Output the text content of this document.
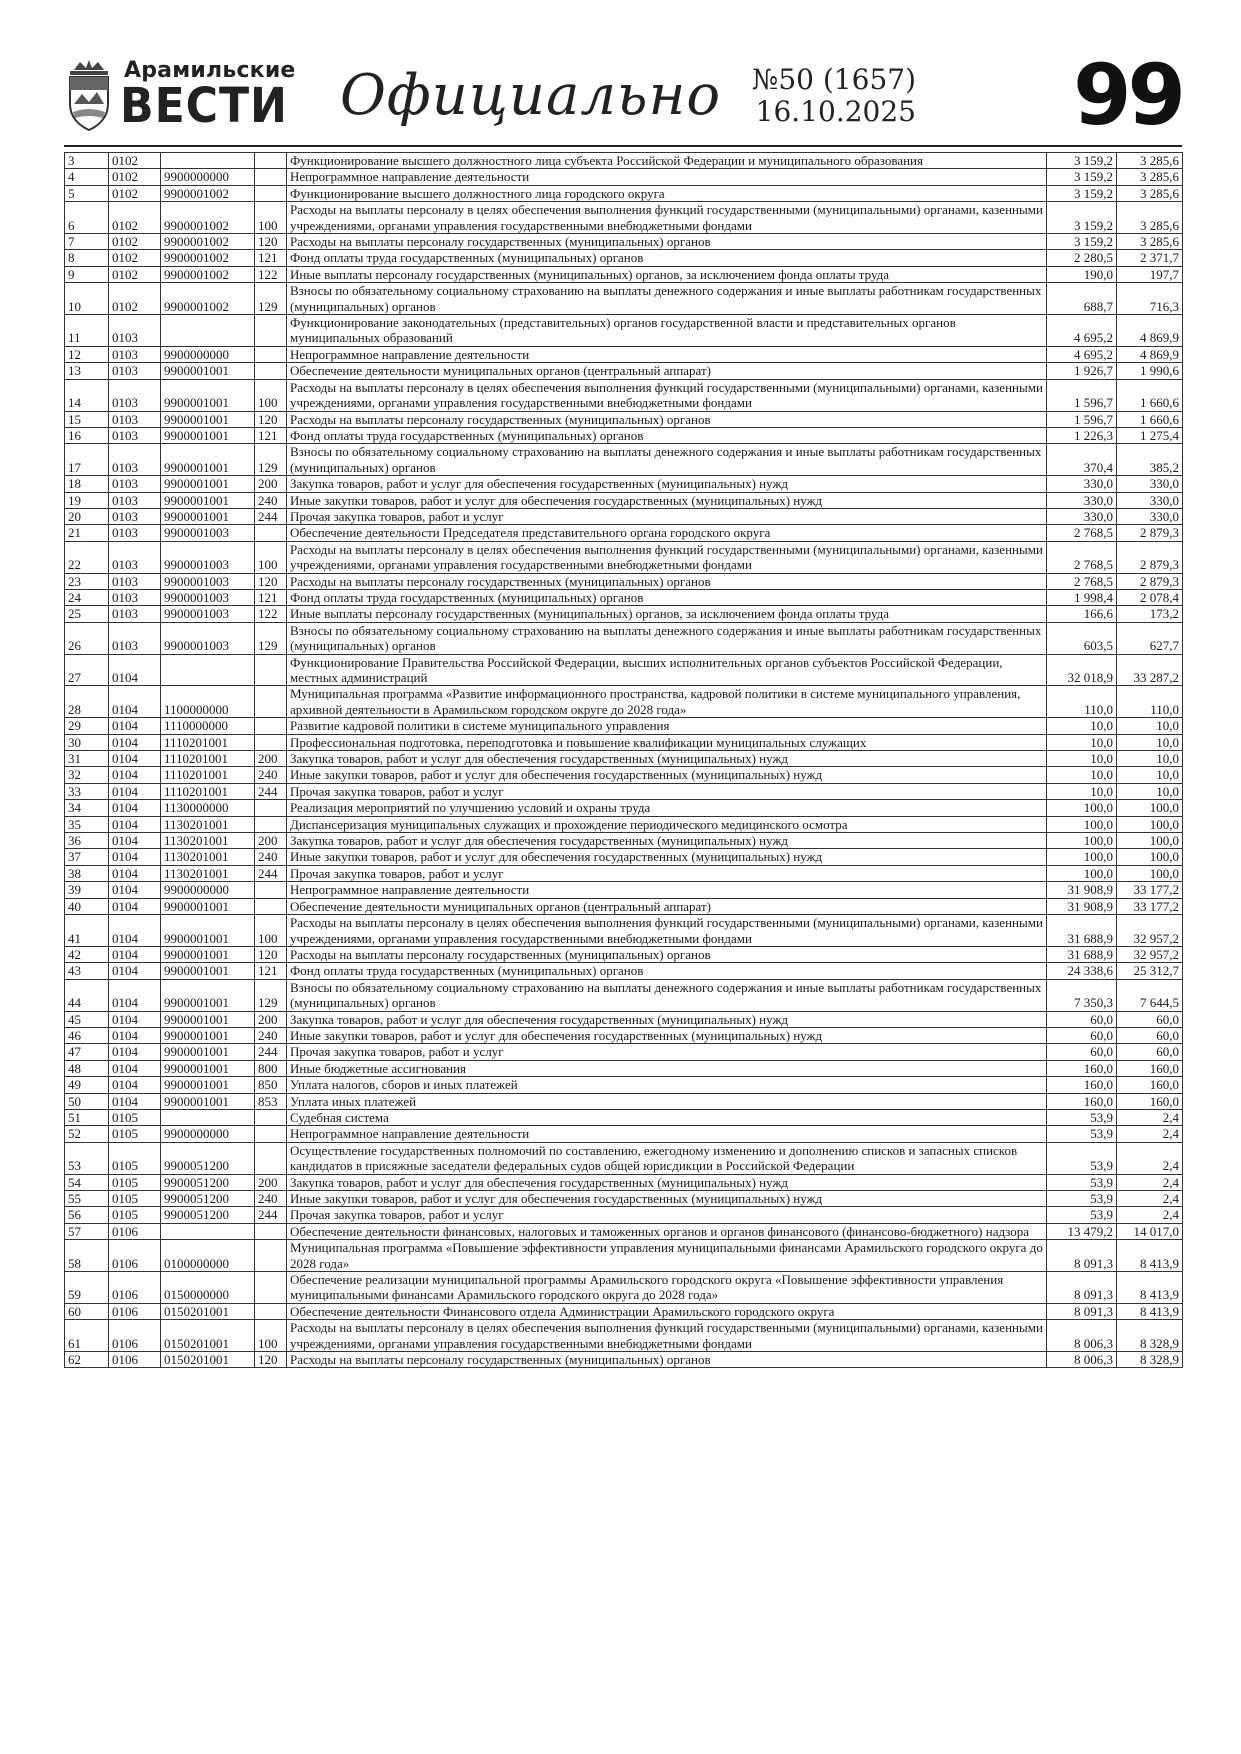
Арамильские
ВЕСТИ Официально №50 (1657)
16.10.2025 99
3	0102			Функционирование высшего должностного лица субъекта Российской Федерации и муниципального образования	3 159,2	3 285,6
4	0102	9900000000		Непрограммное направление деятельности	3 159,2	3 285,6
5	0102	9900001002		Функционирование высшего должностного лица городского округа	3 159,2	3 285,6
6	0102	9900001002	100	Расходы на выплаты персоналу в целях обеспечения выполнения функций государственными (муниципальными) органами, казенными учреждениями, органами управления государственными внебюджетными фондами	3 159,2	3 285,6
7	0102	9900001002	120	Расходы на выплаты персоналу государственных (муниципальных) органов	3 159,2	3 285,6
8	0102	9900001002	121	Фонд оплаты труда государственных (муниципальных) органов	2 280,5	2 371,7
9	0102	9900001002	122	Иные выплаты персоналу государственных (муниципальных) органов, за исключением фонда оплаты труда	190,0	197,7
10	0102	9900001002	129	Взносы по обязательному социальному страхованию на выплаты денежного содержания и иные выплаты работникам государственных (муниципальных) органов	688,7	716,3
11	0103			Функционирование законодательных (представительных) органов государственной власти и представительных органов муниципальных образований	4 695,2	4 869,9
12	0103	9900000000		Непрограммное направление деятельности	4 695,2	4 869,9
13	0103	9900001001		Обеспечение деятельности муниципальных органов (центральный аппарат)	1 926,7	1 990,6
14	0103	9900001001	100	Расходы на выплаты персоналу в целях обеспечения выполнения функций государственными (муниципальными) органами, казенными учреждениями, органами управления государственными внебюджетными фондами	1 596,7	1 660,6
15	0103	9900001001	120	Расходы на выплаты персоналу государственных (муниципальных) органов	1 596,7	1 660,6
16	0103	9900001001	121	Фонд оплаты труда государственных (муниципальных) органов	1 226,3	1 275,4
17	0103	9900001001	129	Взносы по обязательному социальному страхованию на выплаты денежного содержания и иные выплаты работникам государственных (муниципальных) органов	370,4	385,2
18	0103	9900001001	200	Закупка товаров, работ и услуг для обеспечения государственных (муниципальных) нужд	330,0	330,0
19	0103	9900001001	240	Иные закупки товаров, работ и услуг для обеспечения государственных (муниципальных) нужд	330,0	330,0
20	0103	9900001001	244	Прочая закупка товаров, работ и услуг	330,0	330,0
21	0103	9900001003		Обеспечение деятельности Председателя представительного органа городского округа	2 768,5	2 879,3
22	0103	9900001003	100	Расходы на выплаты персоналу в целях обеспечения выполнения функций государственными (муниципальными) органами, казенными учреждениями, органами управления государственными внебюджетными фондами	2 768,5	2 879,3
23	0103	9900001003	120	Расходы на выплаты персоналу государственных (муниципальных) органов	2 768,5	2 879,3
24	0103	9900001003	121	Фонд оплаты труда государственных (муниципальных) органов	1 998,4	2 078,4
25	0103	9900001003	122	Иные выплаты персоналу государственных (муниципальных) органов, за исключением фонда оплаты труда	166,6	173,2
26	0103	9900001003	129	Взносы по обязательному социальному страхованию на выплаты денежного содержания и иные выплаты работникам государственных (муниципальных) органов	603,5	627,7
27	0104			Функционирование Правительства Российской Федерации, высших исполнительных органов субъектов Российской Федерации, местных администраций	32 018,9	33 287,2
28	0104	1100000000		Муниципальная программа «Развитие информационного пространства, кадровой политики в системе муниципального управления, архивной деятельности в Арамильском городском округе до 2028 года»	110,0	110,0
29	0104	1110000000		Развитие кадровой политики в системе муниципального управления	10,0	10,0
30	0104	1110201001		Профессиональная подготовка, переподготовка и повышение квалификации муниципальных служащих	10,0	10,0
31	0104	1110201001	200	Закупка товаров, работ и услуг для обеспечения государственных (муниципальных) нужд	10,0	10,0
32	0104	1110201001	240	Иные закупки товаров, работ и услуг для обеспечения государственных (муниципальных) нужд	10,0	10,0
33	0104	1110201001	244	Прочая закупка товаров, работ и услуг	10,0	10,0
34	0104	1130000000		Реализация мероприятий по улучшению условий и охраны труда	100,0	100,0
35	0104	1130201001		Диспансеризация муниципальных служащих и прохождение периодического медицинского осмотра	100,0	100,0
36	0104	1130201001	200	Закупка товаров, работ и услуг для обеспечения государственных (муниципальных) нужд	100,0	100,0
37	0104	1130201001	240	Иные закупки товаров, работ и услуг для обеспечения государственных (муниципальных) нужд	100,0	100,0
38	0104	1130201001	244	Прочая закупка товаров, работ и услуг	100,0	100,0
39	0104	9900000000		Непрограммное направление деятельности	31 908,9	33 177,2
40	0104	9900001001		Обеспечение деятельности муниципальных органов (центральный аппарат)	31 908,9	33 177,2
41	0104	9900001001	100	Расходы на выплаты персоналу в целях обеспечения выполнения функций государственными (муниципальными) органами, казенными учреждениями, органами управления государственными внебюджетными фондами	31 688,9	32 957,2
42	0104	9900001001	120	Расходы на выплаты персоналу государственных (муниципальных) органов	31 688,9	32 957,2
43	0104	9900001001	121	Фонд оплаты труда государственных (муниципальных) органов	24 338,6	25 312,7
44	0104	9900001001	129	Взносы по обязательному социальному страхованию на выплаты денежного содержания и иные выплаты работникам государственных (муниципальных) органов	7 350,3	7 644,5
45	0104	9900001001	200	Закупка товаров, работ и услуг для обеспечения государственных (муниципальных) нужд	60,0	60,0
46	0104	9900001001	240	Иные закупки товаров, работ и услуг для обеспечения государственных (муниципальных) нужд	60,0	60,0
47	0104	9900001001	244	Прочая закупка товаров, работ и услуг	60,0	60,0
48	0104	9900001001	800	Иные бюджетные ассигнования	160,0	160,0
49	0104	9900001001	850	Уплата налогов, сборов и иных платежей	160,0	160,0
50	0104	9900001001	853	Уплата иных платежей	160,0	160,0
51	0105			Судебная система	53,9	2,4
52	0105	9900000000		Непрограммное направление деятельности	53,9	2,4
53	0105	9900051200		Осуществление государственных полномочий по составлению, ежегодному изменению и дополнению списков и запасных списков кандидатов в присяжные заседатели федеральных судов общей юрисдикции в Российской Федерации	53,9	2,4
54	0105	9900051200	200	Закупка товаров, работ и услуг для обеспечения государственных (муниципальных) нужд	53,9	2,4
55	0105	9900051200	240	Иные закупки товаров, работ и услуг для обеспечения государственных (муниципальных) нужд	53,9	2,4
56	0105	9900051200	244	Прочая закупка товаров, работ и услуг	53,9	2,4
57	0106			Обеспечение деятельности финансовых, налоговых и таможенных органов и органов финансового (финансово-бюджетного) надзора	13 479,2	14 017,0
58	0106	0100000000		Муниципальная программа «Повышение эффективности управления муниципальными финансами Арамильского городского округа до 2028 года»	8 091,3	8 413,9
59	0106	0150000000		Обеспечение реализации муниципальной программы Арамильского городского округа «Повышение эффективности управления муниципальными финансами Арамильского городского округа до 2028 года»	8 091,3	8 413,9
60	0106	0150201001		Обеспечение деятельности Финансового отдела Администрации Арамильского городского округа	8 091,3	8 413,9
61	0106	0150201001	100	Расходы на выплаты персоналу в целях обеспечения выполнения функций государственными (муниципальными) органами, казенными учреждениями, органами управления государственными внебюджетными фондами	8 006,3	8 328,9
62	0106	0150201001	120	Расходы на выплаты персоналу государственных (муниципальных) органов	8 006,3	8 328,9
